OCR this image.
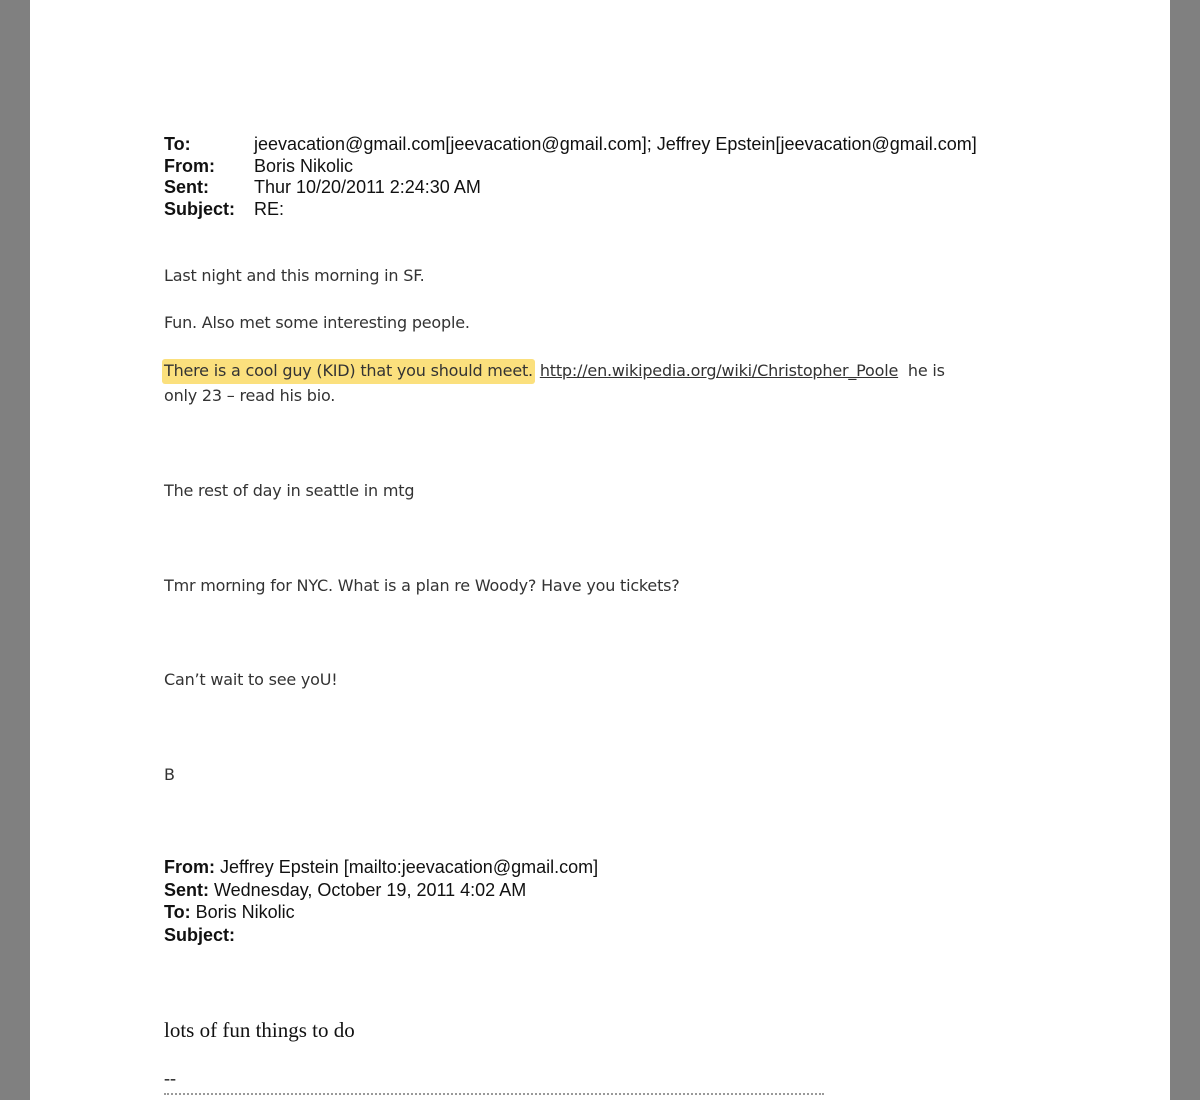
To:	jeevacation@gmail.com[jeevacation@gmail.com]; Jeffrey Epstein[jeevacation@gmail.com]
From:	Boris Nikolic
Sent:	Thur 10/20/2011 2:24:30 AM
Subject:	RE:
Last night and this morning in SF.
Fun. Also met some interesting people.
There is a cool guy (KID) that you should meet. http://en.wikipedia.org/wiki/Christopher_Poole  he is
only 23 – read his bio.
The rest of day in seattle in mtg
Tmr morning for NYC. What is a plan re Woody? Have you tickets?
Can’t wait to see yoU!
B
From: Jeffrey Epstein [mailto:jeevacation@gmail.com]
Sent: Wednesday, October 19, 2011 4:02 AM
To: Boris Nikolic
Subject:
lots of fun things to do
--
